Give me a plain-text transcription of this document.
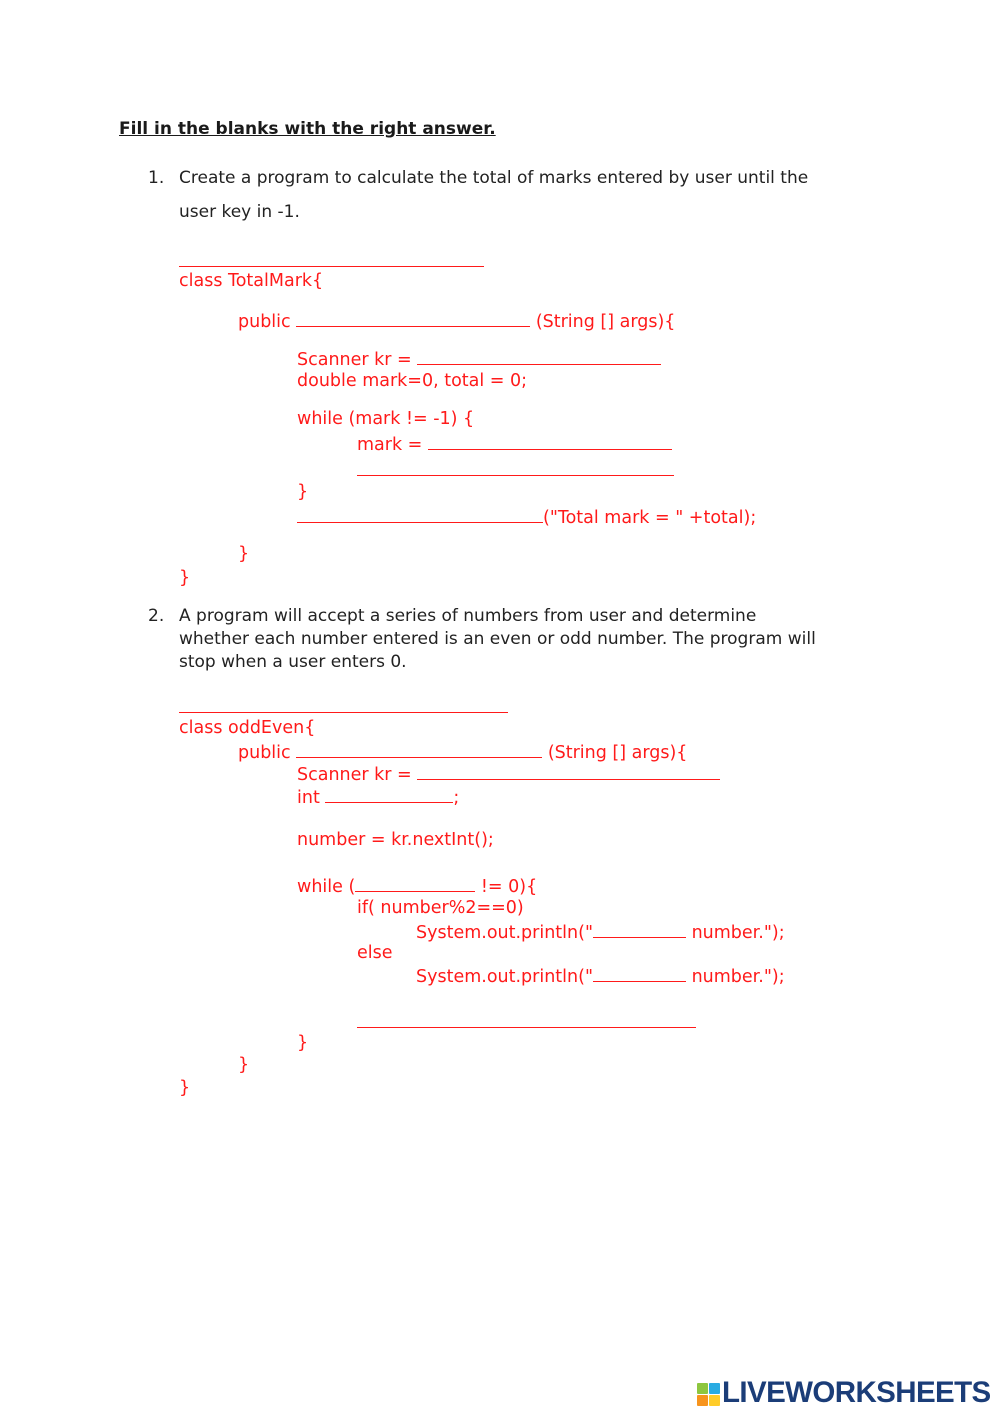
Fill in the blanks with the right answer.
1. Create a program to calculate the total of marks entered by user until the
user key in -1.
class TotalMark{
public	(String [] args){
Scanner kr =
double mark=0, total = 0;
while (mark != -1) {
mark =
}
("Total mark = " +total);
}
}
2. A program will accept a series of numbers from user and determine
whether each number entered is an even or odd number. The program will
stop when a user enters 0.
class oddEven{
public	(String [] args){
Scanner kr =
int	;
number = kr.nextInt();
while (	!= 0){
if( number%2==0)
System.out.println("	number.");
else
System.out.println("	number.");
}
}
}
LIVEWORKSHEETS
